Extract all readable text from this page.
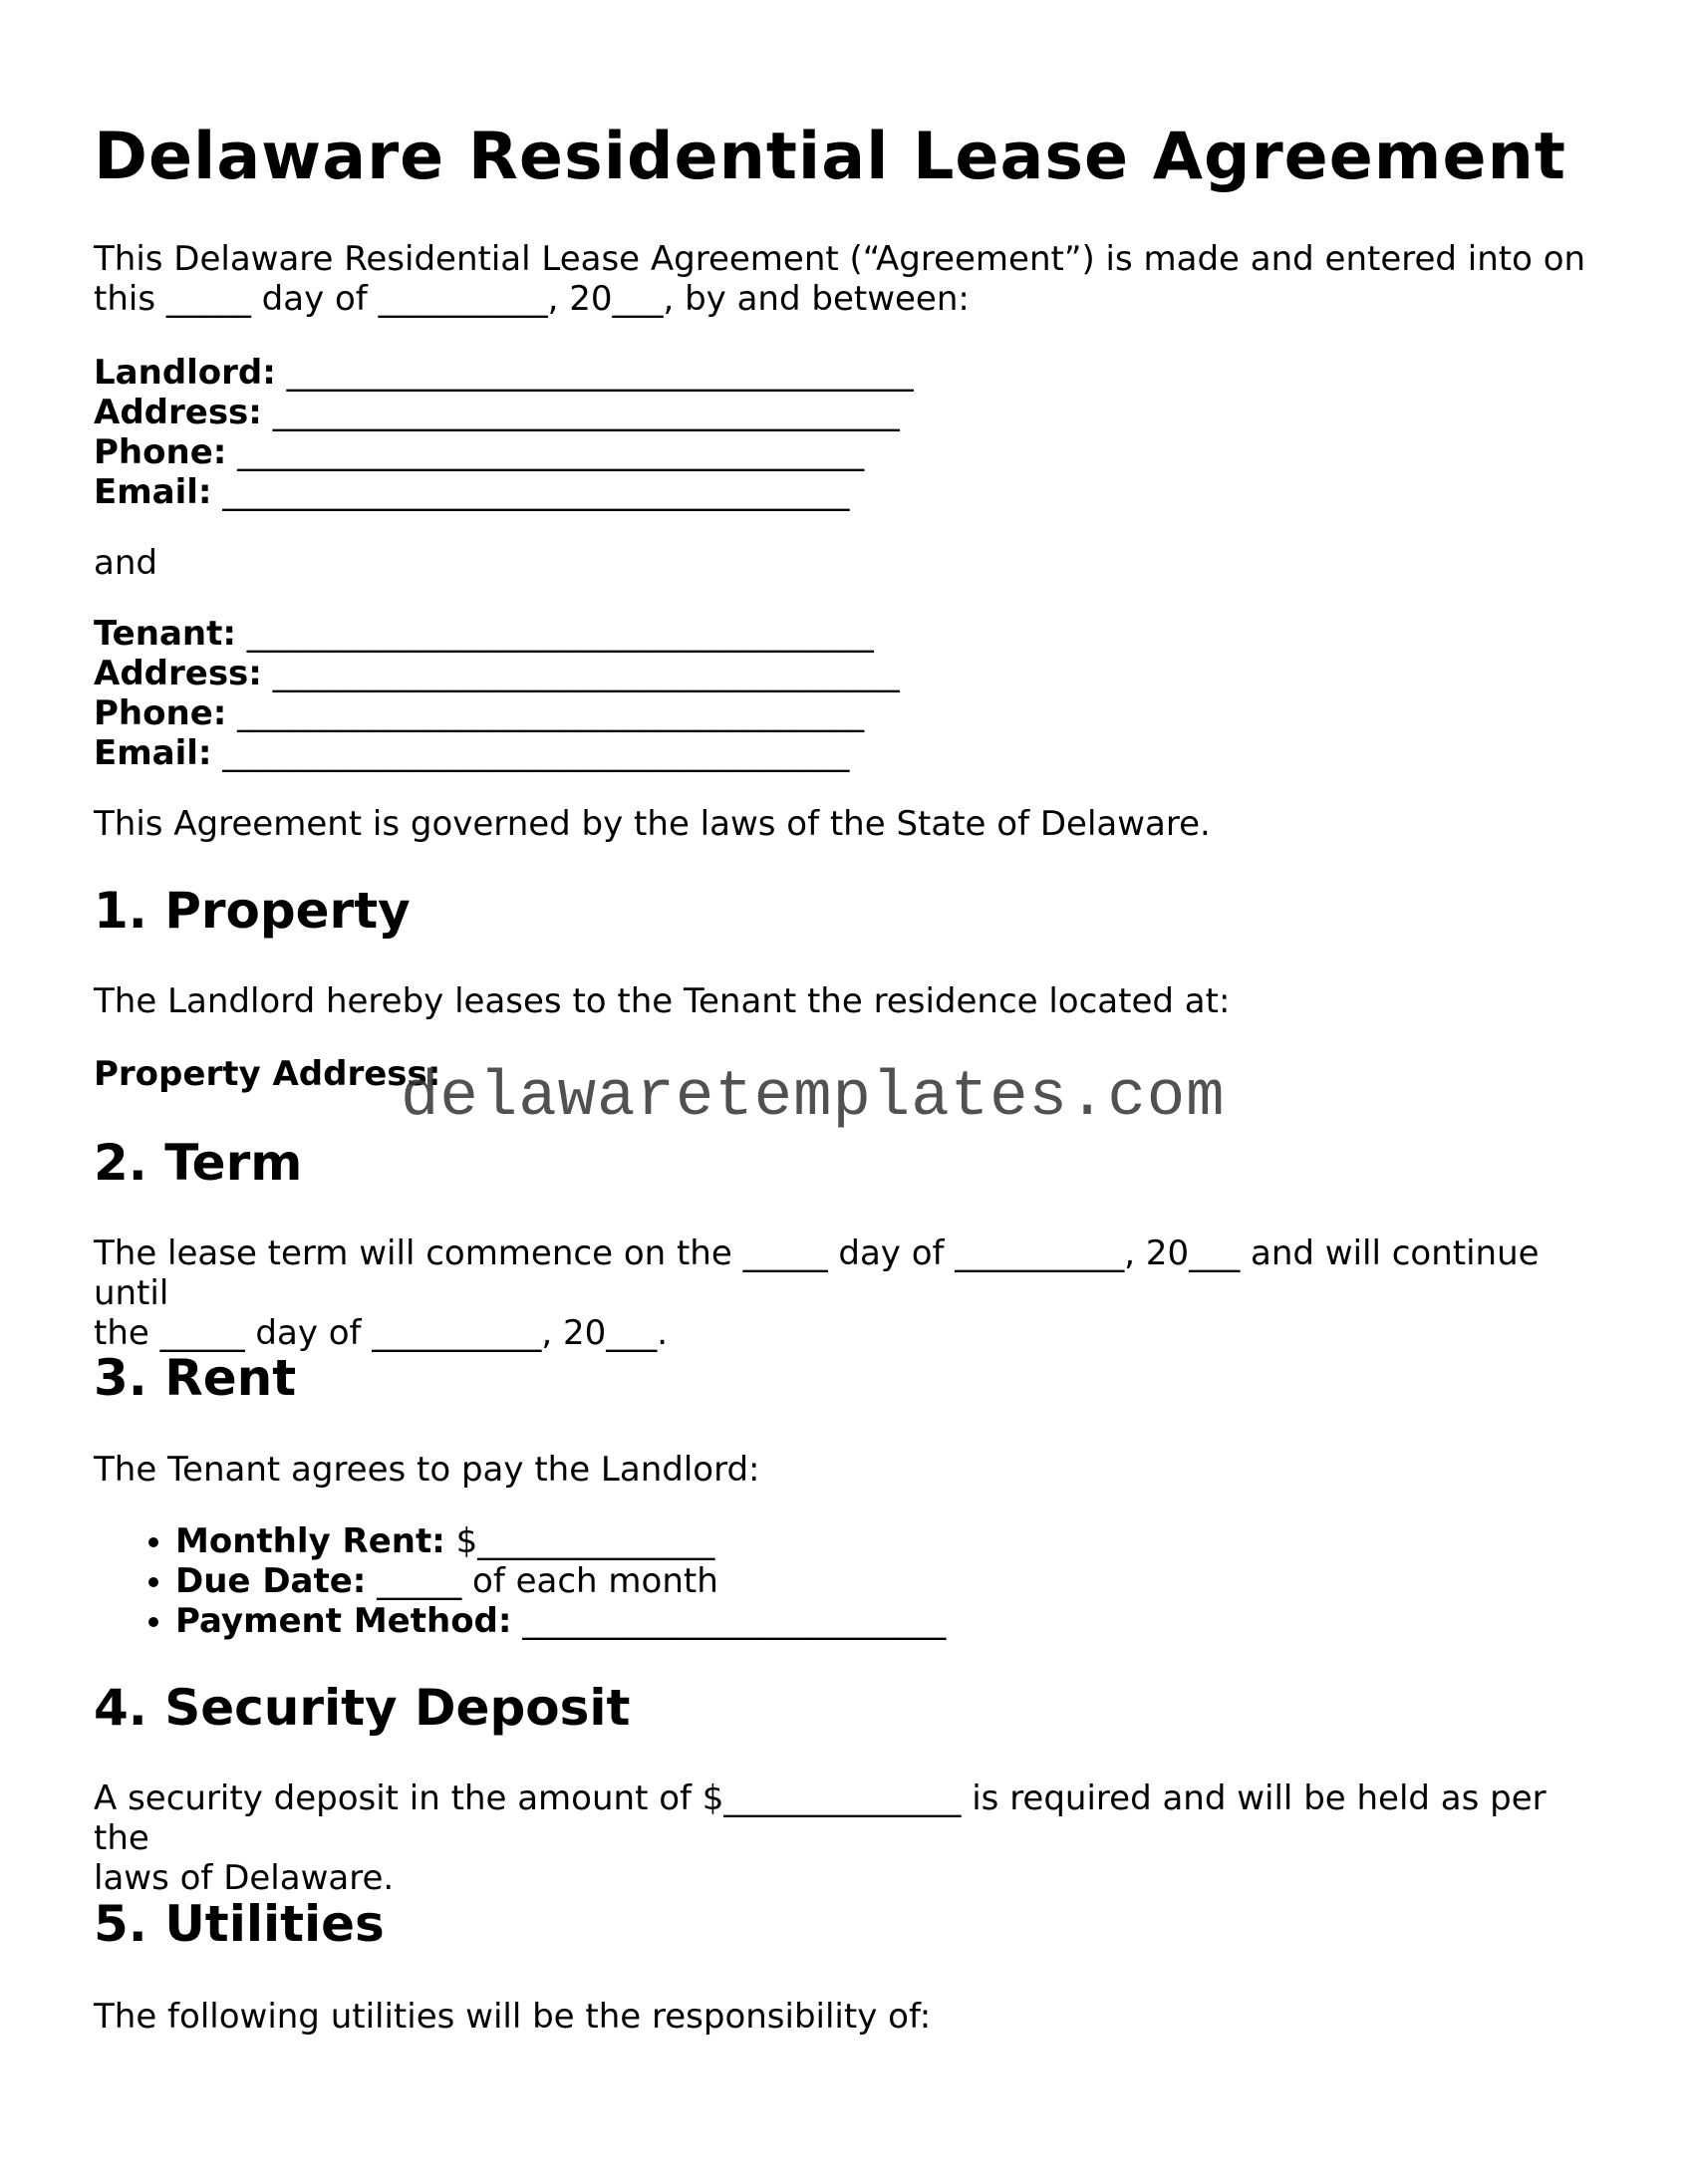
Delaware Residential Lease Agreement
This Delaware Residential Lease Agreement (“Agreement”) is made and entered into on
this _____ day of __________, 20___, by and between:
Landlord: _____________________________________
Address: _____________________________________
Phone: _____________________________________
Email: _____________________________________
and
Tenant: _____________________________________
Address: _____________________________________
Phone: _____________________________________
Email: _____________________________________
This Agreement is governed by the laws of the State of Delaware.
1. Property
The Landlord hereby leases to the Tenant the residence located at:
Property Address:
2. Term
The lease term will commence on the _____ day of __________, 20___ and will continue until
the _____ day of __________, 20___.
3. Rent
The Tenant agrees to pay the Landlord:
• Monthly Rent: $______________
• Due Date: _____ of each month
• Payment Method: _________________________
4. Security Deposit
A security deposit in the amount of $______________ is required and will be held as per the
laws of Delaware.
5. Utilities
The following utilities will be the responsibility of:
delawaretemplates.com
